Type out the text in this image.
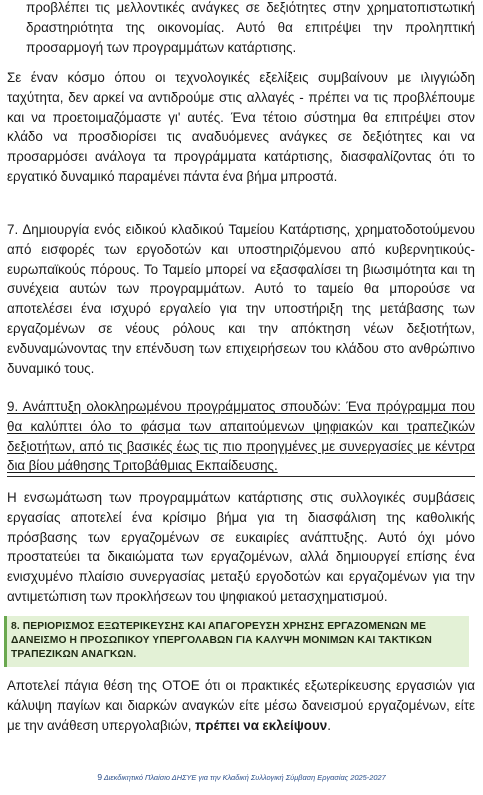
προβλέπει τις μελλοντικές ανάγκες σε δεξιότητες στην χρηματοπιστωτική δραστηριότητα της οικονομίας. Αυτό θα επιτρέψει την προληπτική προσαρμογή των προγραμμάτων κατάρτισης.

Σε έναν κόσμο όπου οι τεχνολογικές εξελίξεις συμβαίνουν με ιλιγγιώδη ταχύτητα, δεν αρκεί να αντιδρούμε στις αλλαγές - πρέπει να τις προβλέπουμε και να προετοιμαζόμαστε γι' αυτές. Ένα τέτοιο σύστημα θα επιτρέψει στον κλάδο να προσδιορίσει τις αναδυόμενες ανάγκες σε δεξιότητες και να προσαρμόσει ανάλογα τα προγράμματα κατάρτισης, διασφαλίζοντας ότι το εργατικό δυναμικό παραμένει πάντα ένα βήμα μπροστά.

7. Δημιουργία ενός ειδικού κλαδικού Ταμείου Κατάρτισης, χρηματοδοτούμενου από εισφορές των εργοδοτών και υποστηριζόμενου από κυβερνητικούς-ευρωπαϊκούς πόρους. Το Ταμείο μπορεί να εξασφαλίσει τη βιωσιμότητα και τη συνέχεια αυτών των προγραμμάτων. Αυτό το ταμείο θα μπορούσε να αποτελέσει ένα ισχυρό εργαλείο για την υποστήριξη της μετάβασης των εργαζομένων σε νέους ρόλους και την απόκτηση νέων δεξιοτήτων, ενδυναμώνοντας την επένδυση των επιχειρήσεων του κλάδου στο ανθρώπινο δυναμικό τους.

9. Ανάπτυξη ολοκληρωμένου προγράμματος σπουδών: Ένα πρόγραμμα που θα καλύπτει όλο το φάσμα των απαιτούμενων ψηφιακών και τραπεζικών δεξιοτήτων, από τις βασικές έως τις πιο προηγμένες με συνεργασίες με κέντρα δια βίου μάθησης Τριτοβάθμιας Εκπαίδευσης.

Η ενσωμάτωση των προγραμμάτων κατάρτισης στις συλλογικές συμβάσεις εργασίας αποτελεί ένα κρίσιμο βήμα για τη διασφάλιση της καθολικής πρόσβασης των εργαζομένων σε ευκαιρίες ανάπτυξης. Αυτό όχι μόνο προστατεύει τα δικαιώματα των εργαζομένων, αλλά δημιουργεί επίσης ένα ενισχυμένο πλαίσιο συνεργασίας μεταξύ εργοδοτών και εργαζομένων για την αντιμετώπιση των προκλήσεων του ψηφιακού μετασχηματισμού.

8. ΠΕΡΙΟΡΙΣΜΟΣ ΕΞΩΤΕΡΙΚΕΥΣΗΣ ΚΑΙ ΑΠΑΓΟΡΕΥΣΗ ΧΡΗΣΗΣ ΕΡΓΑΖΟΜΕΝΩΝ ΜΕ ΔΑΝΕΙΣΜΟ Η ΠΡΟΣΩΠΙΚΟΥ ΥΠΕΡΓΟΛΑΒΩΝ ΓΙΑ ΚΑΛΥΨΗ ΜΟΝΙΜΩΝ ΚΑΙ ΤΑΚΤΙΚΩΝ ΤΡΑΠΕΖΙΚΩΝ ΑΝΑΓΚΩΝ.

Αποτελεί πάγια θέση της ΟΤΟΕ ότι οι πρακτικές εξωτερίκευσης εργασιών για κάλυψη παγίων και διαρκών αναγκών είτε μέσω δανεισμού εργαζομένων, είτε με την ανάθεση υπεργολαβιών, πρέπει να εκλείψουν.

9 Διεκδικητικό Πλαίσιο ΔΗΣΥΕ για την Κλαδική Συλλογική Σύμβαση Εργασίας 2025-2027
